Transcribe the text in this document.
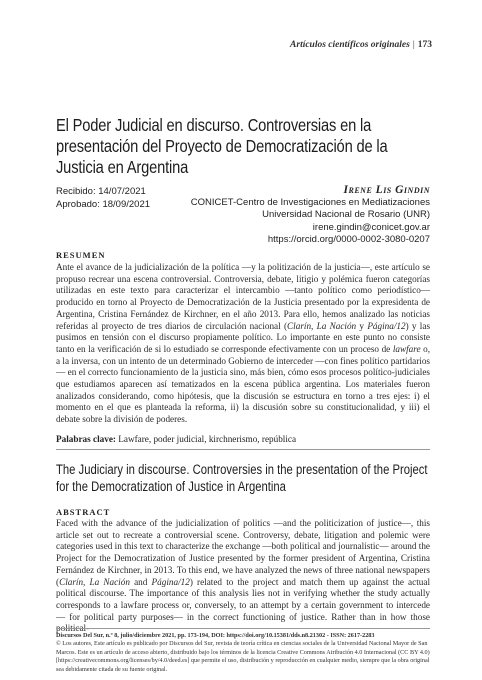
Artículos científicos originales | 173
El Poder Judicial en discurso. Controversias en la presentación del Proyecto de Democratización de la Justicia en Argentina
Recibido: 14/07/2021
Aprobado: 18/09/2021
Irene Lis Gindin
CONICET-Centro de Investigaciones en Mediatizaciones
Universidad Nacional de Rosario (UNR)
irene.gindin@conicet.gov.ar
https://orcid.org/0000-0002-3080-0207
RESUMEN
Ante el avance de la judicialización de la política —y la politización de la justicia—, este artículo se propuso recrear una escena controversial. Controversia, debate, litigio y polémica fueron categorías utilizadas en este texto para caracterizar el intercambio —tanto político como periodístico— producido en torno al Proyecto de Democratización de la Justicia presentado por la expresidenta de Argentina, Cristina Fernández de Kirchner, en el año 2013. Para ello, hemos analizado las noticias referidas al proyecto de tres diarios de circulación nacional (Clarín, La Nación y Página/12) y las pusimos en tensión con el discurso propiamente político. Lo importante en este punto no consiste tanto en la verificación de si lo estudiado se corresponde efectivamente con un proceso de lawfare o, a la inversa, con un intento de un determinado Gobierno de interceder —con fines político partidarios— en el correcto funcionamiento de la justicia sino, más bien, cómo esos procesos político-judiciales que estudiamos aparecen así tematizados en la escena pública argentina. Los materiales fueron analizados considerando, como hipótesis, que la discusión se estructura en torno a tres ejes: i) el momento en el que es planteada la reforma, ii) la discusión sobre su constitucionalidad, y iii) el debate sobre la división de poderes.
Palabras clave: Lawfare, poder judicial, kirchnerismo, república
The Judiciary in discourse. Controversies in the presentation of the Project for the Democratization of Justice in Argentina
ABSTRACT
Faced with the advance of the judicialization of politics —and the politicization of justice—, this article set out to recreate a controversial scene. Controversy, debate, litigation and polemic were categories used in this text to characterize the exchange —both political and journalistic— around the Project for the Democratization of Justice presented by the former president of Argentina, Cristina Fernández de Kirchner, in 2013. To this end, we have analyzed the news of three national newspapers (Clarín, La Nación and Página/12) related to the project and match them up against the actual political discourse. The importance of this analysis lies not in verifying whether the study actually corresponds to a lawfare process or, conversely, to an attempt by a certain government to intercede — for political party purposes— in the correct functioning of justice. Rather than in how those political-
Discursos Del Sur, n.º 8, julio/diciembre 2021, pp. 173-194, DOI: https://doi.org/10.15381/dds.n8.21302 - ISSN: 2617-2283
© Los autores, Este artículo es publicado por Discursos del Sur, revista de teoría crítica en ciencias sociales de la Universidad Nacional Mayor de San Marcos. Este es un artículo de acceso abierto, distribuido bajo los términos de la licencia Creative Commons Atribución 4.0 Internacional (CC BY 4.0) [https://creativecommons.org/licenses/by/4.0/deed.es] que permite el uso, distribución y reproducción en cualquier medio, siempre que la obra original sea debidamente citada de su fuente original.
